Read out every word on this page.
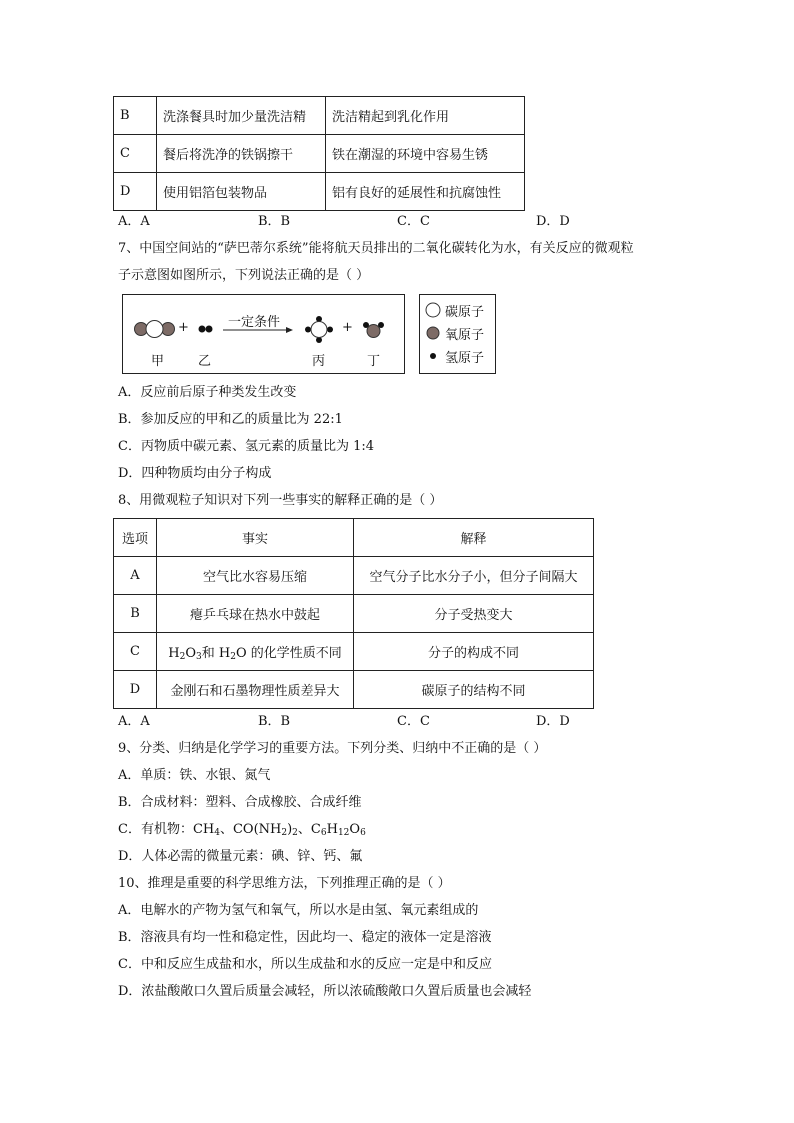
B	洗涤餐具时加少量洗洁精	洗洁精起到乳化作用
C	餐后将洗净的铁锅擦干	铁在潮湿的环境中容易生锈
D	使用铝箔包装物品	铝有良好的延展性和抗腐蚀性
A．A	B．B	C．C	D．D
7、中国空间站的“萨巴蒂尔系统”能将航天员排出的二氧化碳转化为水，有关反应的微观粒
子示意图如图所示，下列说法正确的是（ ）
+	+
一定条件
甲	乙	丙	丁
碳原子
氧原子
氢原子
A．反应前后原子种类发生改变
B．参加反应的甲和乙的质量比为 22:1
C．丙物质中碳元素、氢元素的质量比为 1:4
D．四种物质均由分子构成
8、用微观粒子知识对下列一些事实的解释正确的是（ ）
选项	事实	解释
A	空气比水容易压缩	空气分子比水分子小，但分子间隔大
B	瘪乒乓球在热水中鼓起	分子受热变大
C	$H_2O_3$和 $H_2O$ 的化学性质不同	分子的构成不同
D	金刚石和石墨物理性质差异大	碳原子的结构不同
A．A	B．B	C．C	D．D
9、分类、归纳是化学学习的重要方法。下列分类、归纳中不正确的是（ ）
A．单质：铁、水银、氮气
B．合成材料：塑料、合成橡胶、合成纤维
C．有机物：$CH_4$、$CO(NH_2)_2$、$C_6H_{12}O_6$
D．人体必需的微量元素：碘、锌、钙、氟
10、推理是重要的科学思维方法，下列推理正确的是（ ）
A．电解水的产物为氢气和氧气，所以水是由氢、氧元素组成的
B．溶液具有均一性和稳定性，因此均一、稳定的液体一定是溶液
C．中和反应生成盐和水，所以生成盐和水的反应一定是中和反应
D．浓盐酸敞口久置后质量会减轻，所以浓硫酸敞口久置后质量也会减轻
